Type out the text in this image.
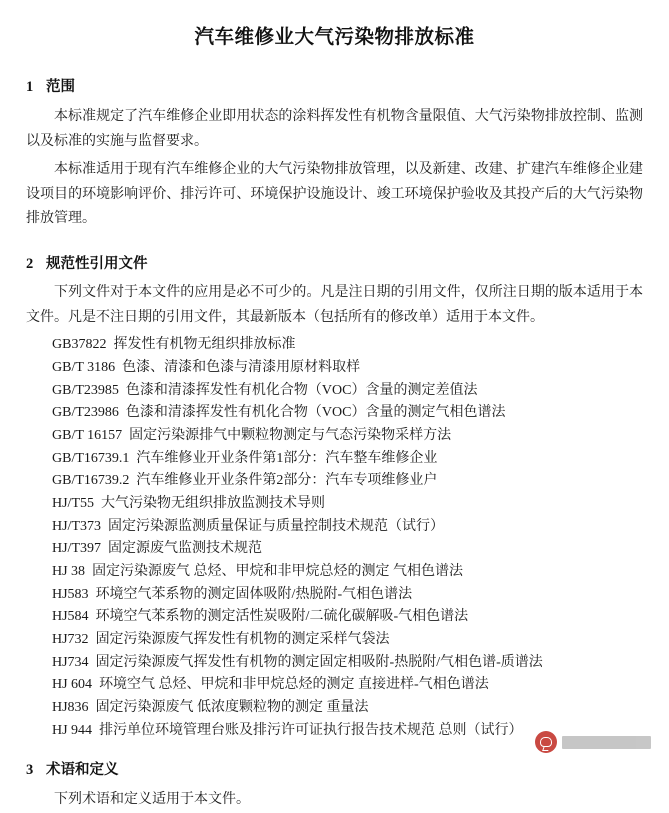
汽车维修业大气污染物排放标准
1 范围

本标准规定了汽车维修企业即用状态的涂料挥发性有机物含量限值、大气污染物排放控制、监测以及标准的实施与监督要求。

本标准适用于现有汽车维修企业的大气污染物排放管理，以及新建、改建、扩建汽车维修企业建设项目的环境影响评价、排污许可、环境保护设施设计、竣工环境保护验收及其投产后的大气污染物排放管理。

2 规范性引用文件

下列文件对于本文件的应用是必不可少的。凡是注日期的引用文件，仅所注日期的版本适用于本文件。凡是不注日期的引用文件，其最新版本（包括所有的修改单）适用于本文件。

GB37822 挥发性有机物无组织排放标准
GB/T 3186 色漆、清漆和色漆与清漆用原材料取样
GB/T23985 色漆和清漆挥发性有机化合物（VOC）含量的测定差值法
GB/T23986 色漆和清漆挥发性有机化合物（VOC）含量的测定气相色谱法
GB/T 16157 固定污染源排气中颗粒物测定与气态污染物采样方法
GB/T16739.1 汽车维修业开业条件第1部分：汽车整车维修企业
GB/T16739.2 汽车维修业开业条件第2部分：汽车专项维修业户
HJ/T55 大气污染物无组织排放监测技术导则
HJ/T373 固定污染源监测质量保证与质量控制技术规范（试行）
HJ/T397 固定源废气监测技术规范
HJ 38 固定污染源废气 总烃、甲烷和非甲烷总烃的测定 气相色谱法
HJ583 环境空气苯系物的测定固体吸附/热脱附-气相色谱法
HJ584 环境空气苯系物的测定活性炭吸附/二硫化碳解吸-气相色谱法
HJ732 固定污染源废气挥发性有机物的测定采样气袋法
HJ734 固定污染源废气挥发性有机物的测定固定相吸附-热脱附/气相色谱-质谱法
HJ 604 环境空气 总烃、甲烷和非甲烷总烃的测定 直接进样-气相色谱法
HJ836 固定污染源废气 低浓度颗粒物的测定 重量法
HJ 944 排污单位环境管理台账及排污许可证执行报告技术规范 总则（试行）
3 术语和定义

下列术语和定义适用于本文件。
